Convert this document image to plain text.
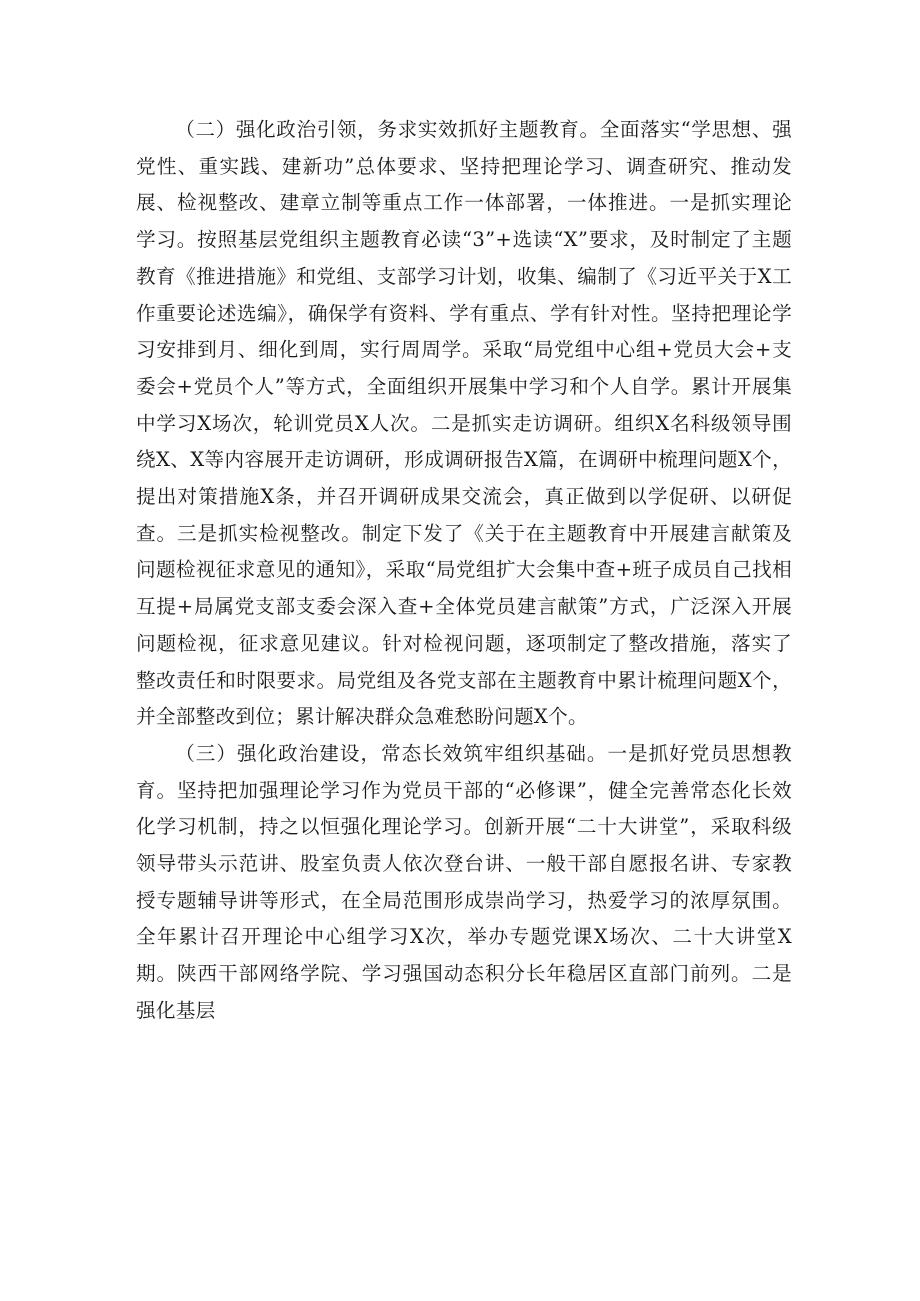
（二）强化政治引领，务求实效抓好主题教育。全面落实“学思想、强党性、重实践、建新功”总体要求、坚持把理论学习、调查研究、推动发展、检视整改、建章立制等重点工作一体部署，一体推进。一是抓实理论学习。按照基层党组织主题教育必读“3”+选读“X”要求，及时制定了主题教育《推进措施》和党组、支部学习计划，收集、编制了《习近平关于X工作重要论述选编》，确保学有资料、学有重点、学有针对性。坚持把理论学习安排到月、细化到周，实行周周学。采取“局党组中心组+党员大会+支委会+党员个人”等方式，全面组织开展集中学习和个人自学。累计开展集中学习X场次，轮训党员X人次。二是抓实走访调研。组织X名科级领导围绕X、X等内容展开走访调研，形成调研报告X篇，在调研中梳理问题X个，提出对策措施X条，并召开调研成果交流会，真正做到以学促研、以研促查。三是抓实检视整改。制定下发了《关于在主题教育中开展建言献策及问题检视征求意见的通知》，采取“局党组扩大会集中查+班子成员自己找相互提+局属党支部支委会深入查+全体党员建言献策”方式，广泛深入开展问题检视，征求意见建议。针对检视问题，逐项制定了整改措施，落实了整改责任和时限要求。局党组及各党支部在主题教育中累计梳理问题X个，并全部整改到位；累计解决群众急难愁盼问题X个。

（三）强化政治建设，常态长效筑牢组织基础。一是抓好党员思想教育。坚持把加强理论学习作为党员干部的“必修课”，健全完善常态化长效化学习机制，持之以恒强化理论学习。创新开展“二十大讲堂”，采取科级领导带头示范讲、股室负责人依次登台讲、一般干部自愿报名讲、专家教授专题辅导讲等形式，在全局范围形成崇尚学习，热爱学习的浓厚氛围。全年累计召开理论中心组学习X次，举办专题党课X场次、二十大讲堂X期。陕西干部网络学院、学习强国动态积分长年稳居区直部门前列。二是强化基层
